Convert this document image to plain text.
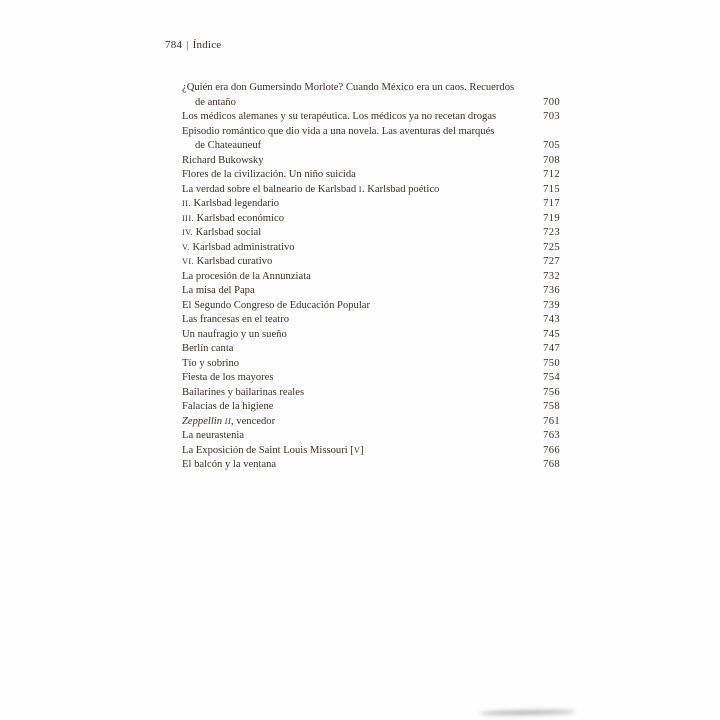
784 | Índice
¿Quién era don Gumersindo Morlote? Cuando México era un caos. Recuerdos
de antaño	700
Los médicos alemanes y su terapéutica. Los médicos ya no recetan drogas	703
Episodio romántico que dio vida a una novela. Las aventuras del marqués
de Chateauneuf	705
Richard Bukowsky	708
Flores de la civilización. Un niño suicida	712
La verdad sobre el balneario de Karlsbad I. Karlsbad poético	715
II. Karlsbad legendario	717
III. Karlsbad económico	719
IV. Karlsbad social	723
V. Karlsbad administrativo	725
VI. Karlsbad curativo	727
La procesión de la Annunziata	732
La misa del Papa	736
El Segundo Congreso de Educación Popular	739
Las francesas en el teatro	743
Un naufragio y un sueño	745
Berlín canta	747
Tío y sobrino	750
Fiesta de los mayores	754
Bailarines y bailarinas reales	756
Falacias de la higiene	758
Zeppellin II, vencedor	761
La neurastenia	763
La Exposición de Saint Louis Missouri [V]	766
El balcón y la ventana	768
